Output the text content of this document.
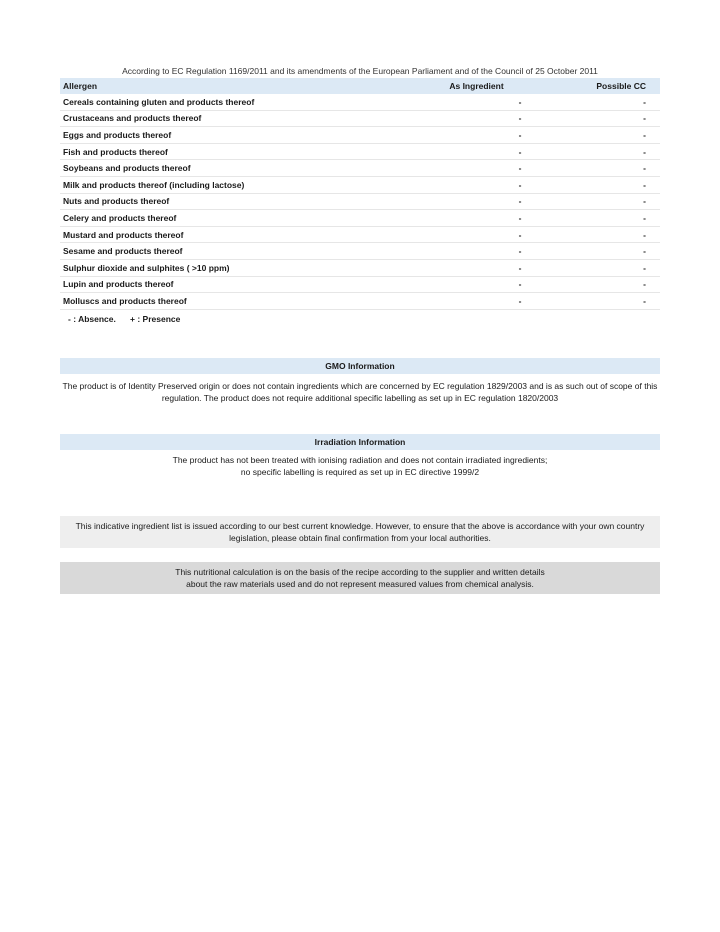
According to EC Regulation 1169/2011 and its amendments of the European Parliament and of the Council of 25 October 2011
Allergen	As Ingredient	Possible CC
Cereals containing gluten and products thereof	-	-
Crustaceans and products thereof	-	-
Eggs and products thereof	-	-
Fish and products thereof	-	-
Soybeans and products thereof	-	-
Milk and products thereof (including lactose)	-	-
Nuts and products thereof	-	-
Celery and products thereof	-	-
Mustard and products thereof	-	-
Sesame and products thereof	-	-
Sulphur dioxide and sulphites ( >10 ppm)	-	-
Lupin and products thereof	-	-
Molluscs and products thereof	-	-
- : Absence.      + : Presence
GMO Information
The product is of Identity Preserved origin or does not contain ingredients which are concerned by EC regulation 1829/2003 and is as such out of scope of this regulation. The product does not require additional specific labelling as set up in EC regulation 1820/2003
Irradiation Information
The product has not been treated with ionising radiation and does not contain irradiated ingredients;
no specific labelling is required as set up in EC directive 1999/2
This indicative ingredient list is issued according to our best current knowledge. However, to ensure that the above is accordance with your own country legislation, please obtain final confirmation from your local authorities.
This nutritional calculation is on the basis of the recipe according to the supplier and written details
about the raw materials used and do not represent measured values from chemical analysis.
